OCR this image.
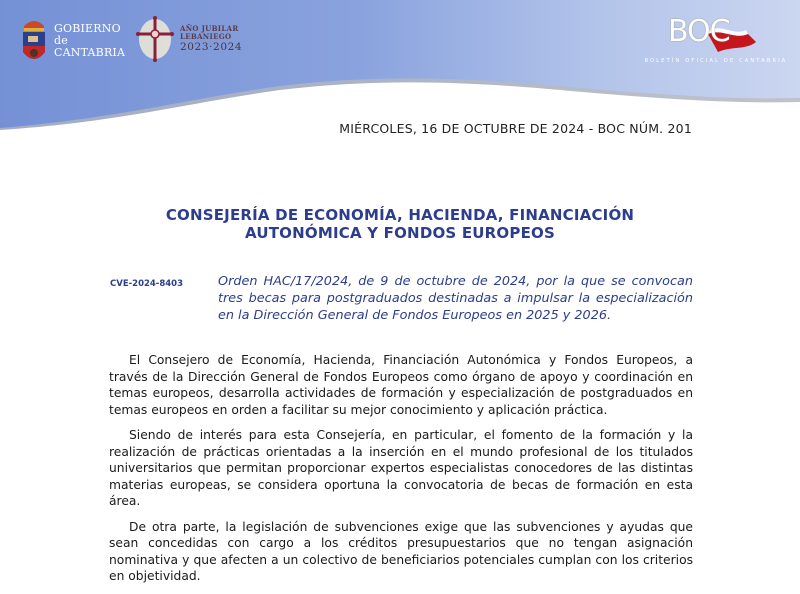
GOBIERNO
de
CANTABRIA
AÑO JUBILAR
LEBANIEGO
2023·2024	BOC
BOLETÍN OFICIAL DE CANTABRIA
MIÉRCOLES, 16 DE OCTUBRE DE 2024 - BOC NÚM. 201
CONSEJERÍA DE ECONOMÍA, HACIENDA, FINANCIACIÓN
AUTONÓMICA Y FONDOS EUROPEOS
CVE-2024-8403	Orden HAC/17/2024, de 9 de octubre de 2024, por la que se convocan tres becas para postgraduados destinadas a impulsar la especialización en la Dirección General de Fondos Europeos en 2025 y 2026.

El Consejero de Economía, Hacienda, Financiación Autonómica y Fondos Europeos, a través de la Dirección General de Fondos Europeos como órgano de apoyo y coordinación en temas europeos, desarrolla actividades de formación y especialización de postgraduados en temas europeos en orden a facilitar su mejor conocimiento y aplicación práctica.

Siendo de interés para esta Consejería, en particular, el fomento de la formación y la realización de prácticas orientadas a la inserción en el mundo profesional de los titulados universitarios que permitan proporcionar expertos especialistas conocedores de las distintas materias europeas, se considera oportuna la convocatoria de becas de formación en esta área.

De otra parte, la legislación de subvenciones exige que las subvenciones y ayudas que sean concedidas con cargo a los créditos presupuestarios que no tengan asignación nominativa y que afecten a un colectivo de beneficiarios potenciales cumplan con los criterios en objetividad.
